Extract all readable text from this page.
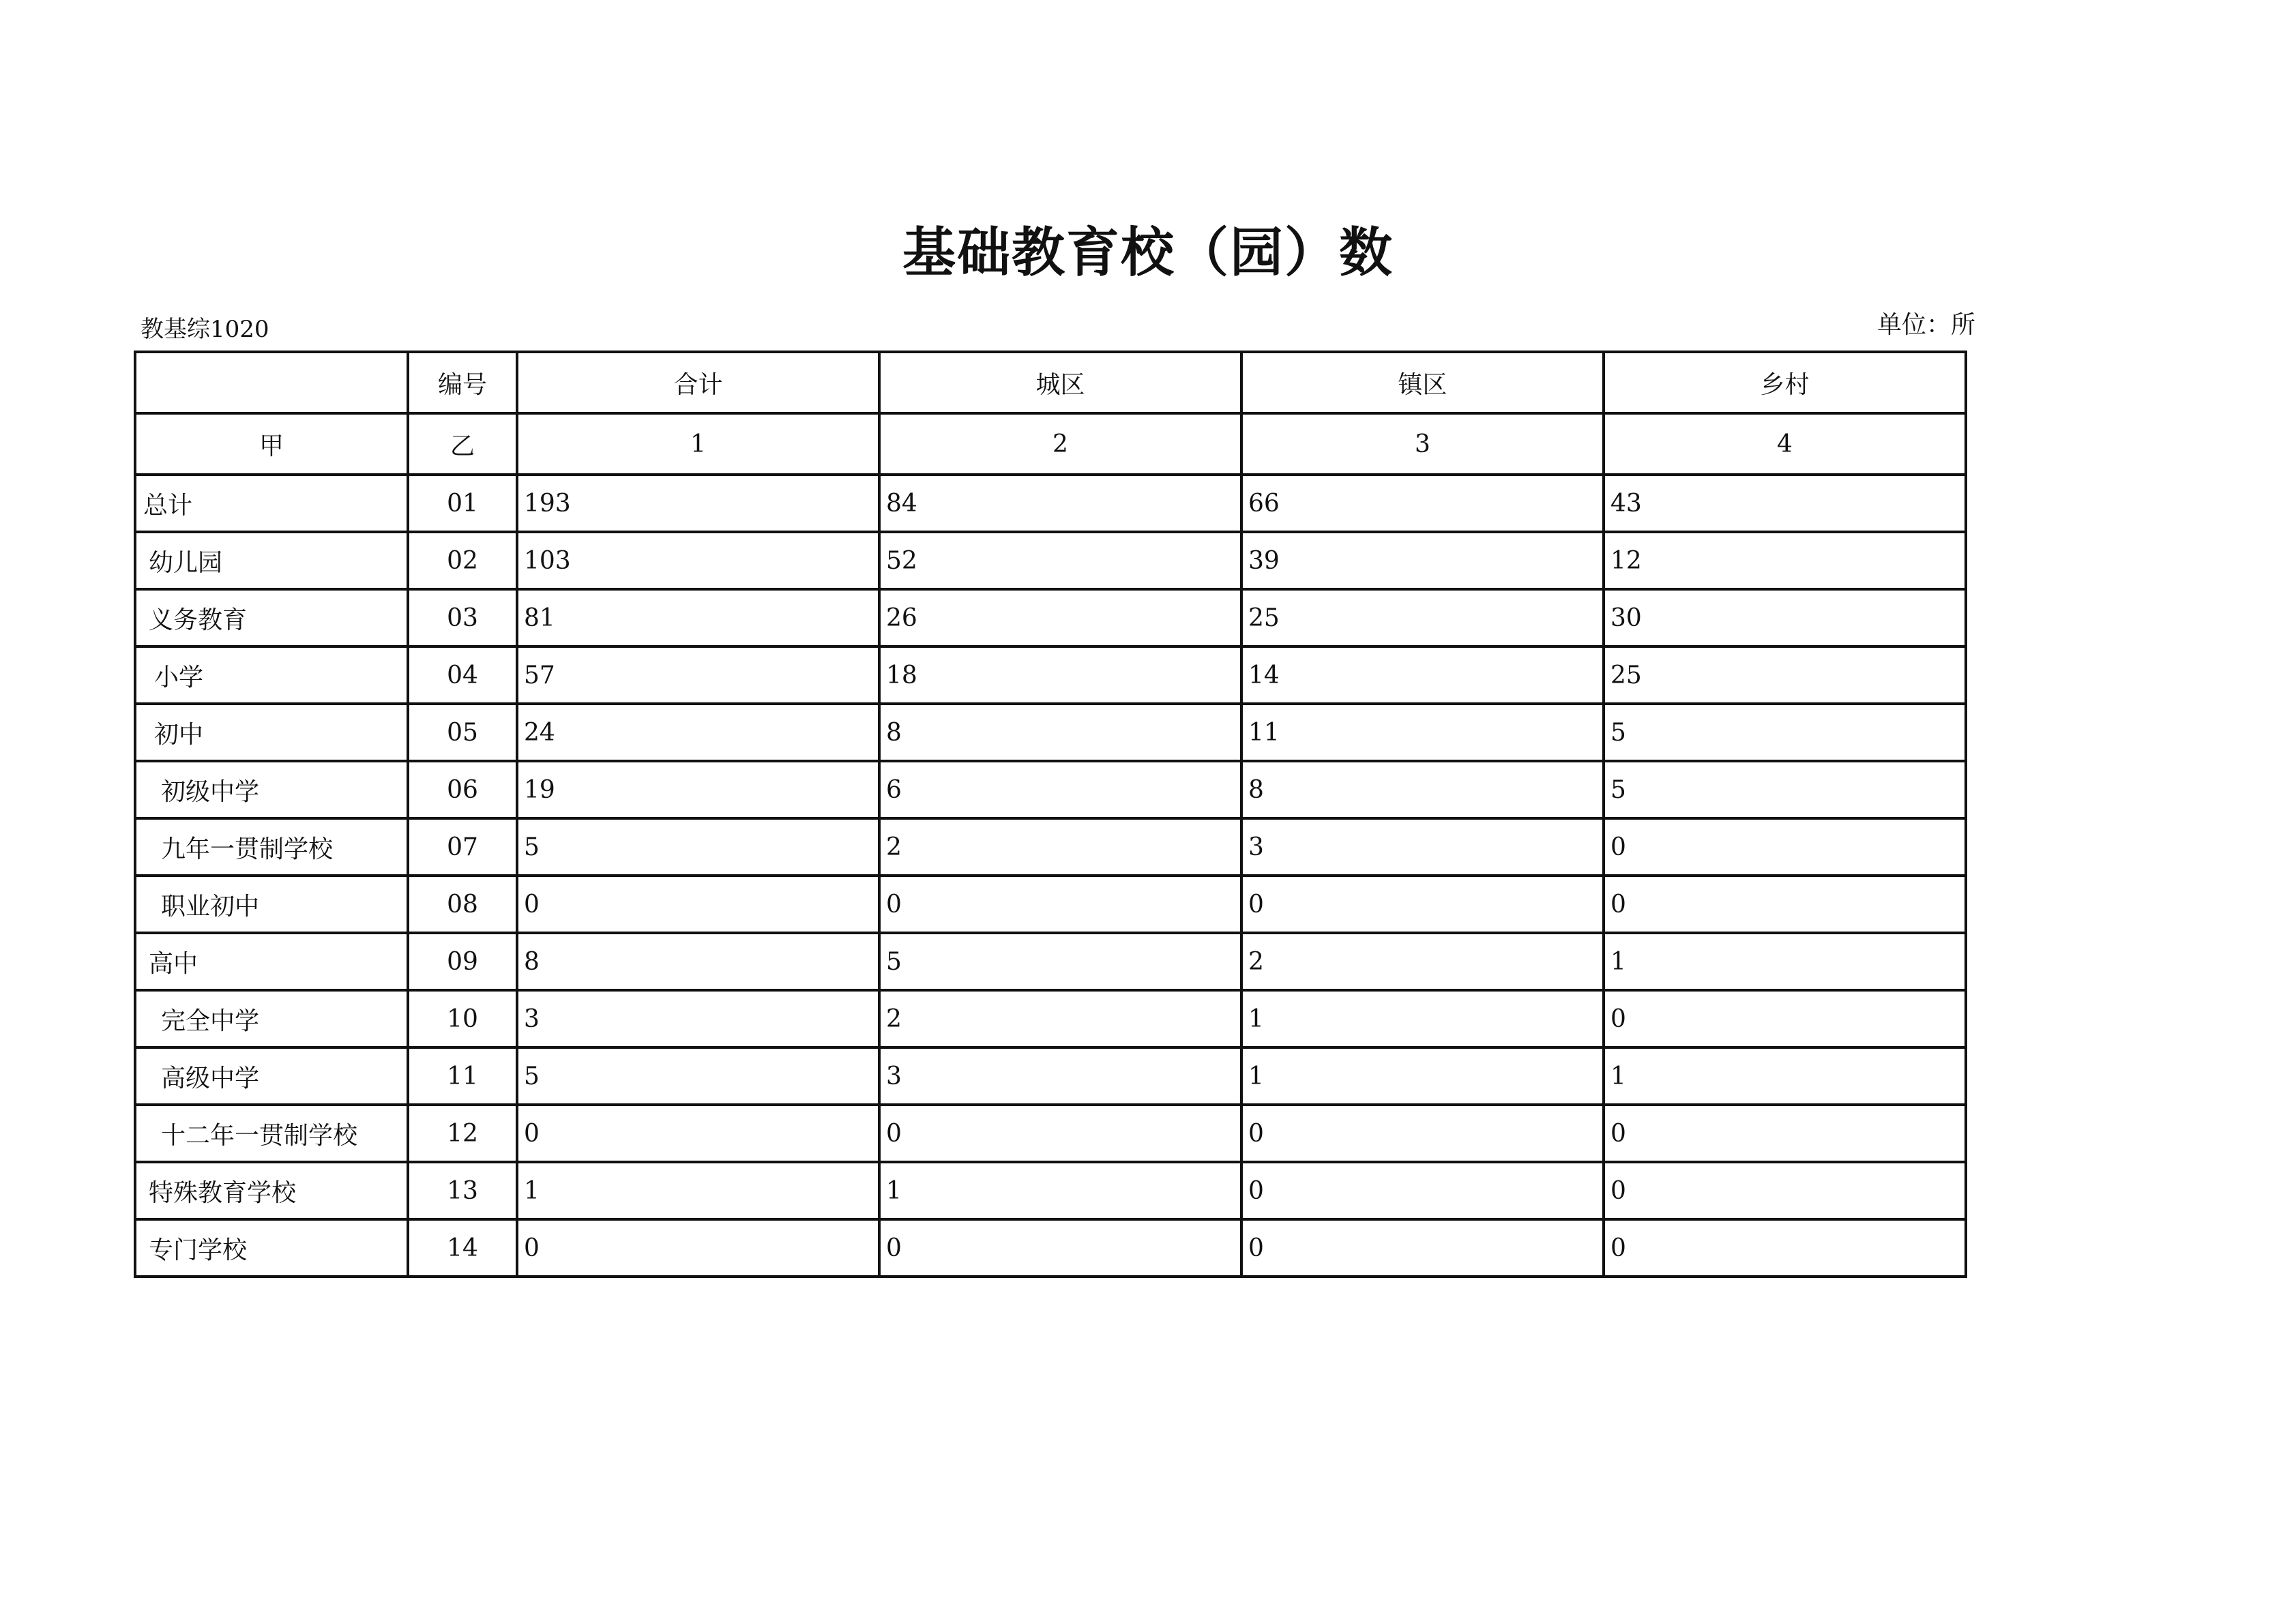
基础教育校（园）数
教基综1020	单位：所
	编号	合计	城区	镇区	乡村
甲	乙	1	2	3	4
总计	01	193	84	66	43
幼儿园	02	103	52	39	12
义务教育	03	81	26	25	30
小学	04	57	18	14	25
初中	05	24	8	11	5
初级中学	06	19	6	8	5
九年一贯制学校	07	5	2	3	0
职业初中	08	0	0	0	0
高中	09	8	5	2	1
完全中学	10	3	2	1	0
高级中学	11	5	3	1	1
十二年一贯制学校	12	0	0	0	0
特殊教育学校	13	1	1	0	0
专门学校	14	0	0	0	0
